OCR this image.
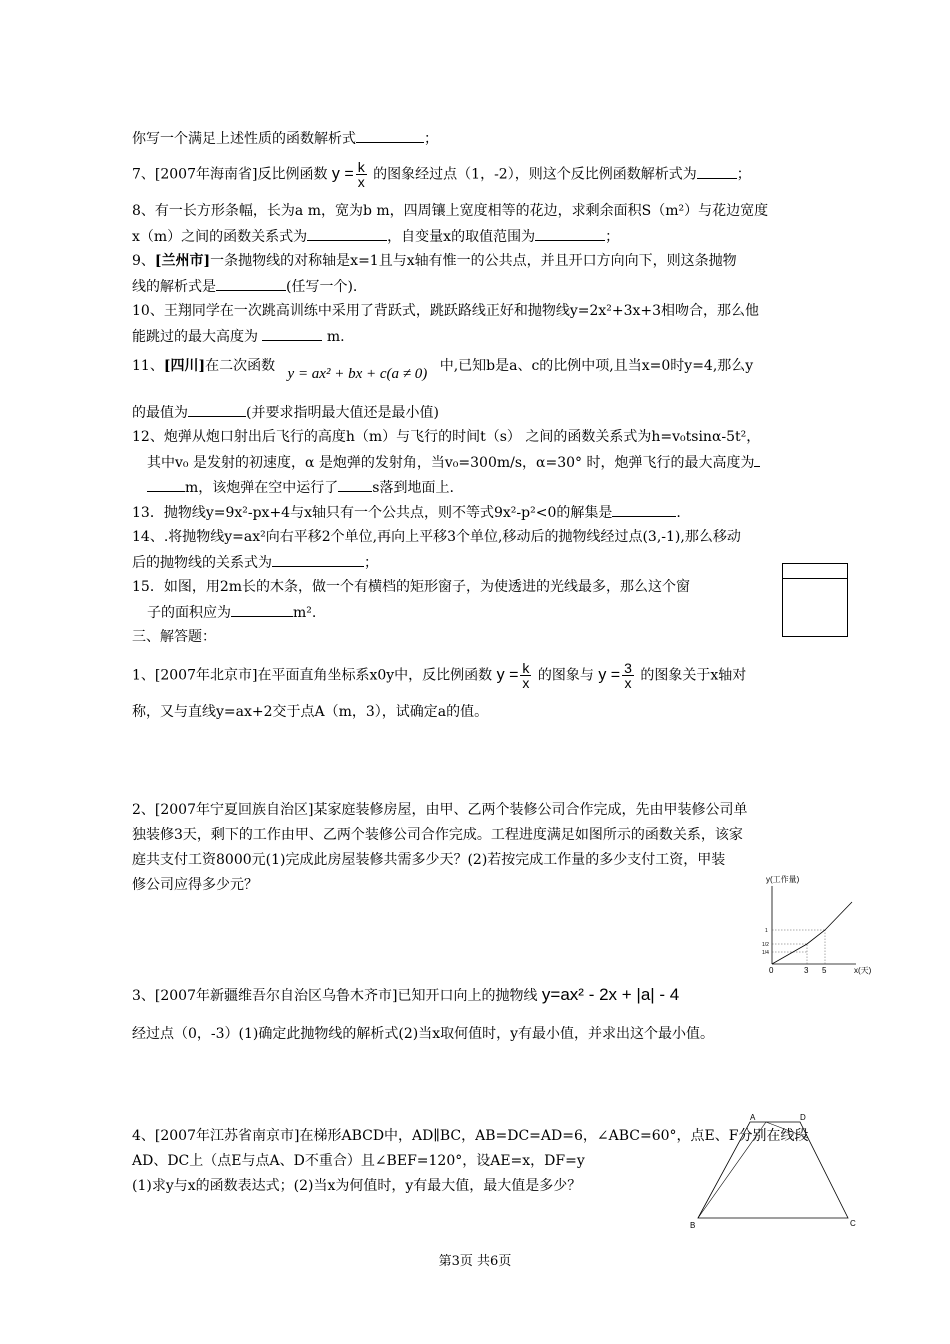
你写一个满足上述性质的函数解析式	；
7、[2007年海南省]反比例函数 $y = \frac{k}{x}$ 的图象经过点（1，-2），则这个反比例函数解析式为	；
8、有一长方形条幅，长为a m，宽为b m，四周镶上宽度相等的花边，求剩余面积S（m²）与花边宽度
x（m）之间的函数关系式为	，自变量x的取值范围为	；
9、[兰州市]一条抛物线的对称轴是x=1且与x轴有惟一的公共点，并且开口方向向下，则这条抛物
线的解析式是	(任写一个).
10、王翔同学在一次跳高训练中采用了背跃式，跳跃路线正好和抛物线y=2x²+3x+3相吻合，那么他
能跳过的最大高度为	m.
11、[四川]在二次函数 y = ax² + bx + c(a ≠ 0) 中,已知b是a、c的比例中项,且当x=0时y=4,那么y
的最值为	(并要求指明最大值还是最小值)
12、炮弹从炮口射出后飞行的高度h（m）与飞行的时间t（s） 之间的函数关系式为h=v₀tsinα-5t²，
其中v₀ 是发射的初速度，α 是炮弹的发射角，当v₀=300m/s，α=30° 时，炮弹飞行的最大高度为
m，该炮弹在空中运行了 s落到地面上.
13．抛物线y=9x²-px+4与x轴只有一个公共点，则不等式9x²-p²<0的解集是	.
14、.将抛物线y=ax²向右平移2个单位,再向上平移3个单位,移动后的抛物线经过点(3,-1),那么移动
后的抛物线的关系式为	；
15．如图，用2m长的木条，做一个有横档的矩形窗子，为使透进的光线最多，那么这个窗
子的面积应为	m².
三、解答题：
1、[2007年北京市]在平面直角坐标系x0y中，反比例函数 $y = \frac{k}{x}$ 的图象与 $y = \frac{3}{x}$ 的图象关于x轴对
称，又与直线y=ax+2交于点A（m，3），试确定a的值。
2、[2007年宁夏回族自治区]某家庭装修房屋，由甲、乙两个装修公司合作完成，先由甲装修公司单
独装修3天，剩下的工作由甲、乙两个装修公司合作完成。工程进度满足如图所示的函数关系，该家
庭共支付工资8000元(1)完成此房屋装修共需多少天？(2)若按完成工作量的多少支付工资，甲装
修公司应得多少元？	y(工作量)
1
1/2
1/4
0	3 5	x(天)
3、[2007年新疆维吾尔自治区乌鲁木齐市]已知开口向上的抛物线 y=ax² - 2x + |a| - 4
经过点（0，-3）(1)确定此抛物线的解析式(2)当x取何值时，y有最小值，并求出这个最小值。
4、[2007年江苏省南京市]在梯形ABCD中，AD∥BC，AB=DC=AD=6，∠ABC=60°，点E、F分别在线段
AD、DC上（点E与点A、D不重合）且∠BEF=120°，设AE=x，DF=y
(1)求y与x的函数表达式；(2)当x为何值时，y有最大值，最大值是多少？
A	D
B	C
第3页 共6页
